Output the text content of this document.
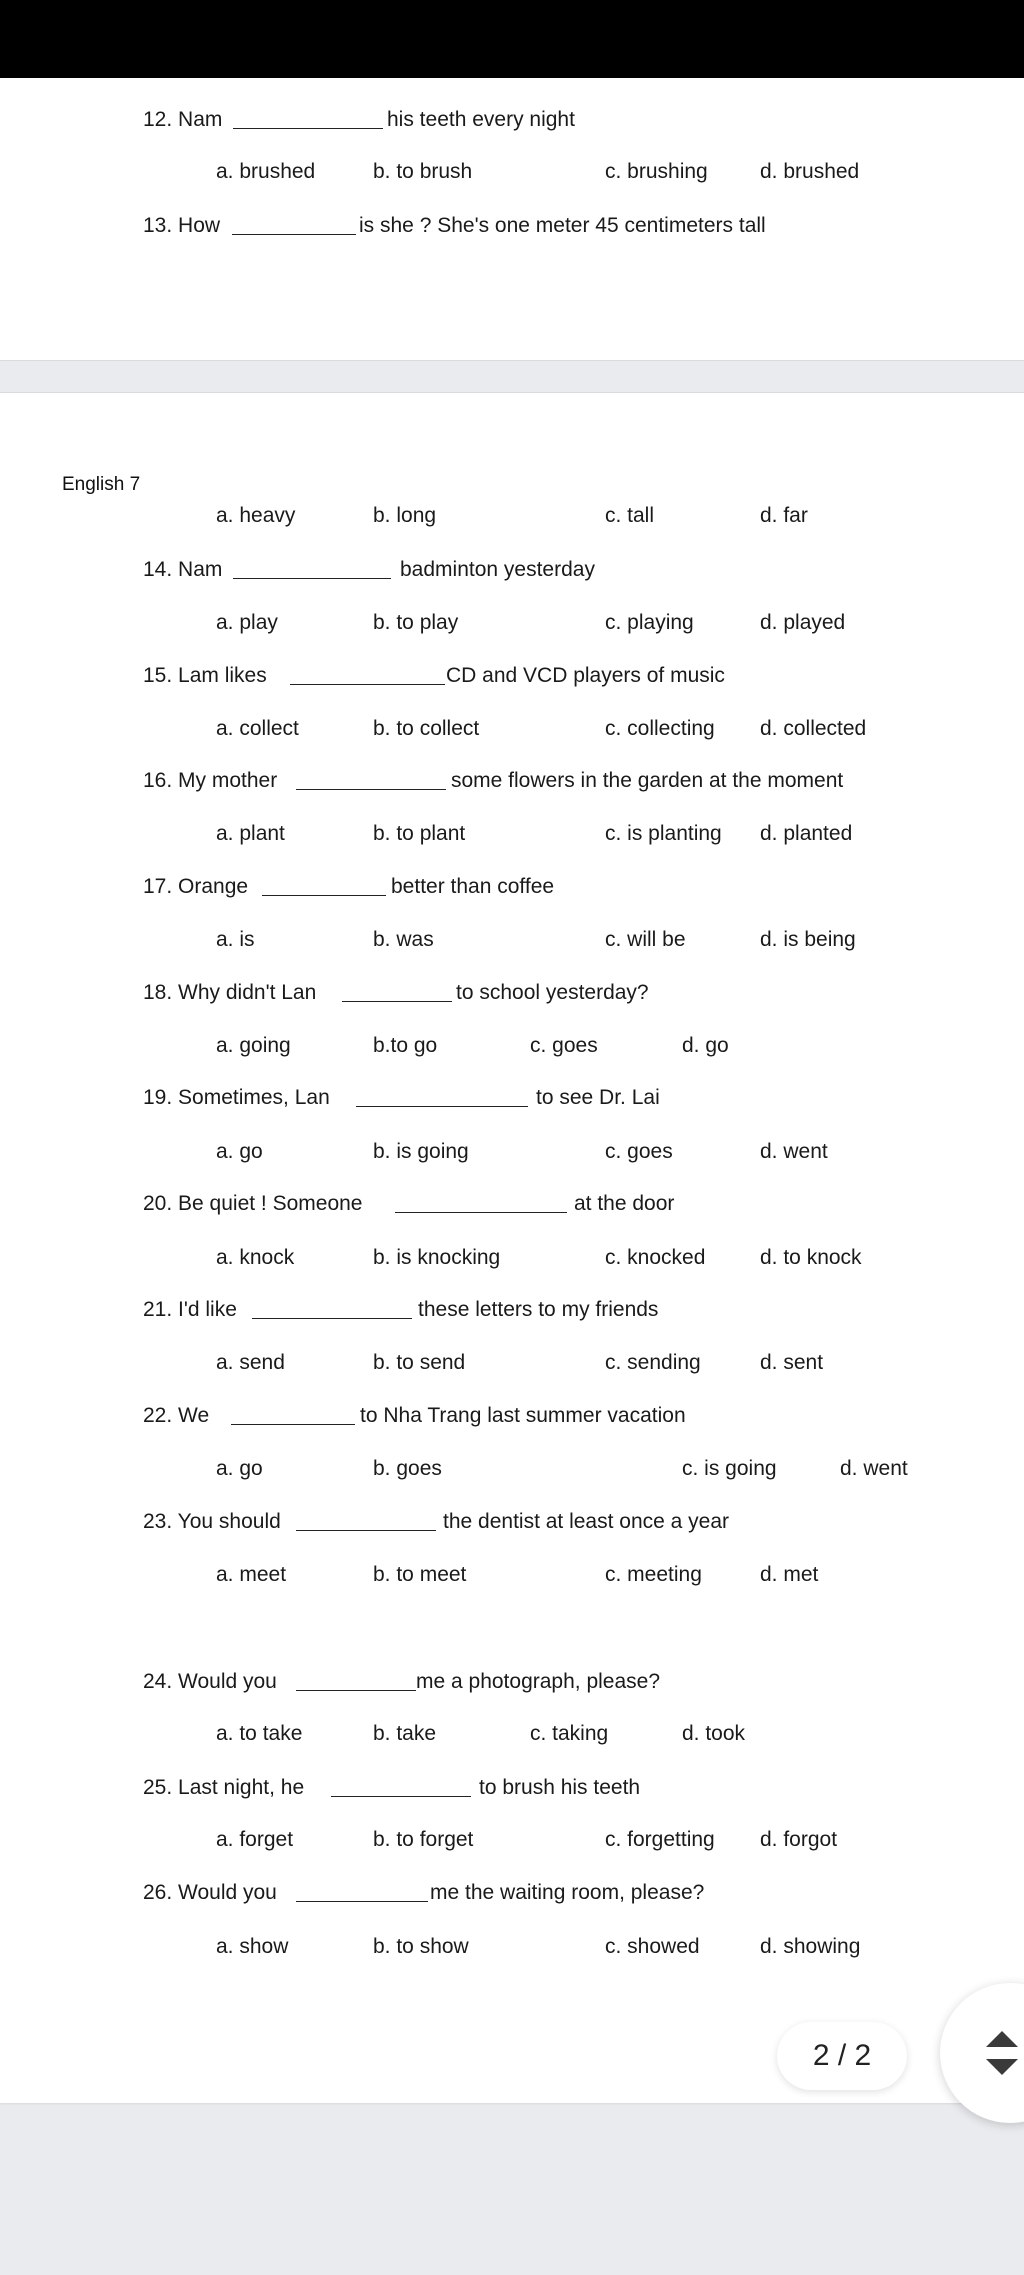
12. Nam	his teeth every night
a. brushed	b. to brush	c. brushing d. brushed
13. How	is she ? She's one meter 45 centimeters tall
English 7
a. heavy	b. long	c. tall	d. far
14. Nam	badminton yesterday
a. play	b. to play	c. playing	d. played
15. Lam likes	CD and VCD players of music
a. collect	b. to collect	c. collecting d. collected
16. My mother	some flowers in the garden at the moment
a. plant	b. to plant	c. is planting d. planted
17. Orange	better than coffee
a. is	b. was	c. will be	d. is being
18. Why didn't Lan	to school yesterday?
a. going	b.to go	c. goes	d. go
19. Sometimes, Lan	to see Dr. Lai
a. go	b. is going	c. goes	d. went
20. Be quiet ! Someone	at the door
a. knock	b. is knocking	c. knocked	d. to knock
21. I'd like	these letters to my friends
a. send	b. to send	c. sending	d. sent
22. We	to Nha Trang last summer vacation
a. go	b. goes	c. is going	d. went
23. You should	the dentist at least once a year
a. meet	b. to meet	c. meeting	d. met
24. Would you	me a photograph, please?
a. to take	b. take	c. taking	d. took
25. Last night, he	to brush his teeth
a. forget	b. to forget	c. forgetting d. forgot
26. Would you	me the waiting room, please?
a. show	b. to show	c. showed	d. showing
2 / 2
